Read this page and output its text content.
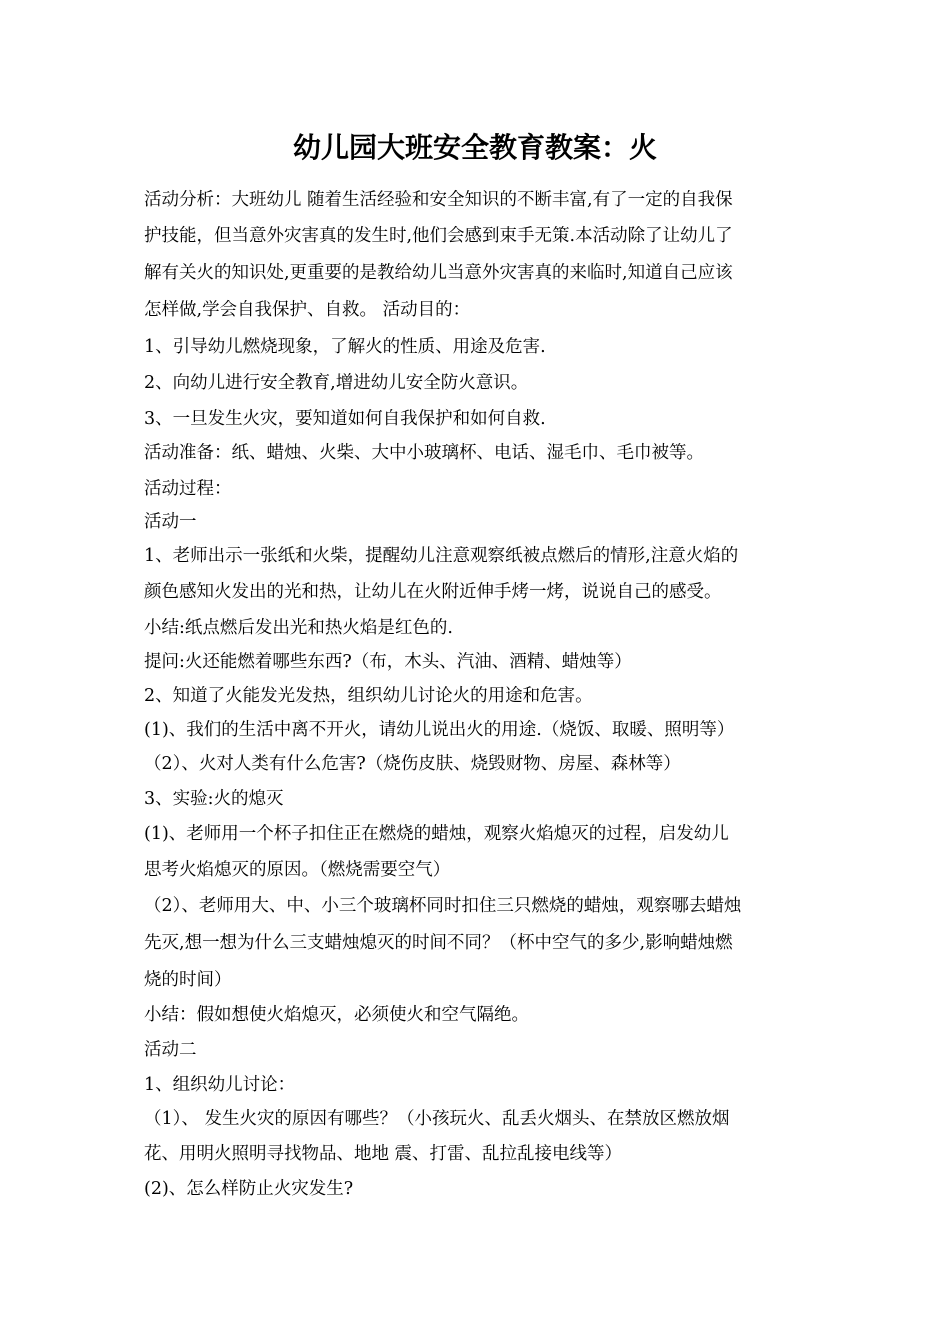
幼儿园大班安全教育教案：火
活动分析：大班幼儿 随着生活经验和安全知识的不断丰富,有了一定的自我保
护技能，但当意外灾害真的发生时,他们会感到束手无策.本活动除了让幼儿了
解有关火的知识处,更重要的是教给幼儿当意外灾害真的来临时,知道自己应该
怎样做,学会自我保护、自救。 活动目的：
1、引导幼儿燃烧现象，了解火的性质、用途及危害.
2、向幼儿进行安全教育,增进幼儿安全防火意识。
3、一旦发生火灾，要知道如何自我保护和如何自救.
活动准备：纸、蜡烛、火柴、大中小玻璃杯、电话、湿毛巾、毛巾被等。
活动过程：
活动一
1、老师出示一张纸和火柴，提醒幼儿注意观察纸被点燃后的情形,注意火焰的
颜色感知火发出的光和热，让幼儿在火附近伸手烤一烤，说说自己的感受。
小结:纸点燃后发出光和热火焰是红色的.
提问:火还能燃着哪些东西?（布，木头、汽油、酒精、蜡烛等）
2、知道了火能发光发热，组织幼儿讨论火的用途和危害。
(1)、我们的生活中离不开火，请幼儿说出火的用途.（烧饭、取暖、照明等）
（2）、火对人类有什么危害?（烧伤皮肤、烧毁财物、房屋、森林等）
3、实验:火的熄灭
(1)、老师用一个杯子扣住正在燃烧的蜡烛，观察火焰熄灭的过程，启发幼儿
思考火焰熄灭的原因。（燃烧需要空气）
（2）、老师用大、中、小三个玻璃杯同时扣住三只燃烧的蜡烛，观察哪去蜡烛
先灭,想一想为什么三支蜡烛熄灭的时间不同？（杯中空气的多少,影响蜡烛燃
烧的时间）
小结：假如想使火焰熄灭，必须使火和空气隔绝。
活动二
1、组织幼儿讨论：
（1）、 发生火灾的原因有哪些？（小孩玩火、乱丢火烟头、在禁放区燃放烟
花、用明火照明寻找物品、地地 震、打雷、乱拉乱接电线等）
(2)、怎么样防止火灾发生?
